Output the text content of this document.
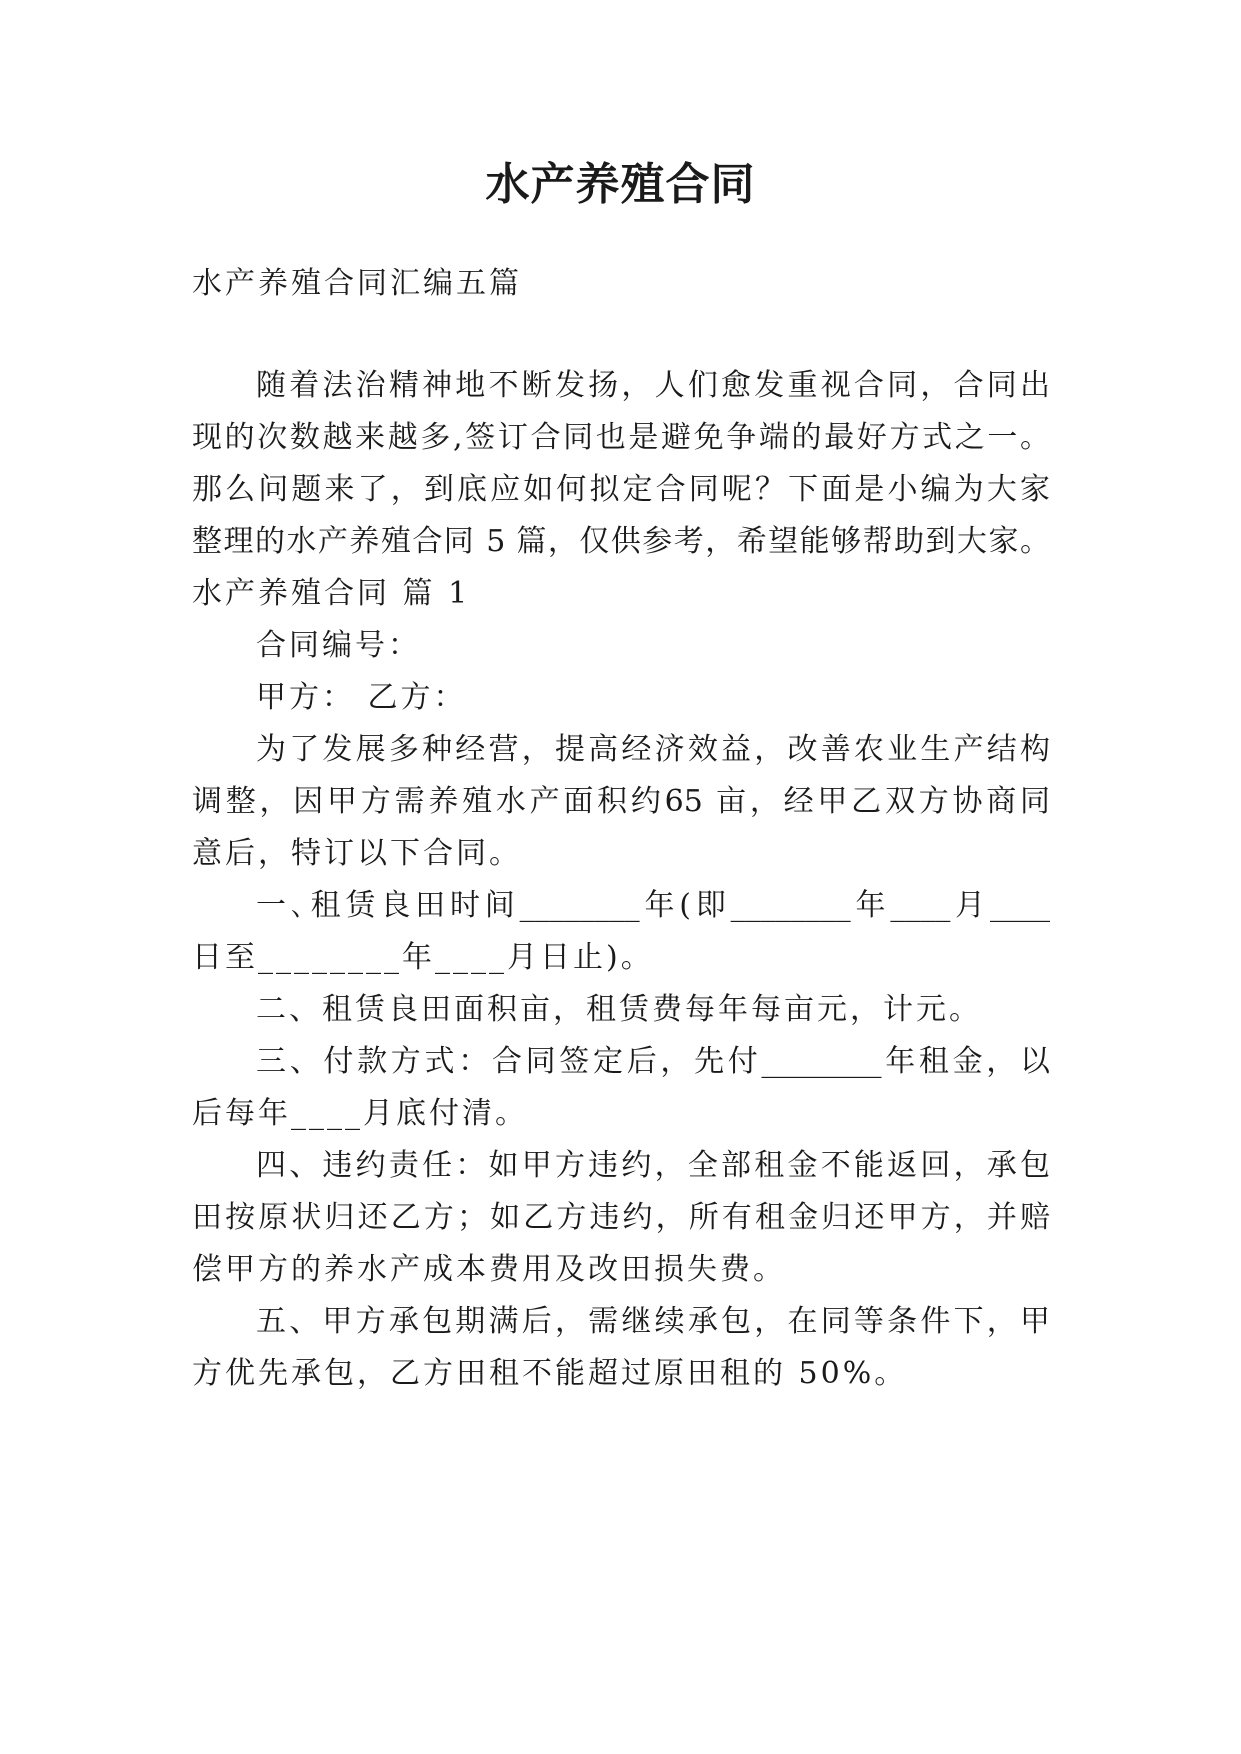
水产养殖合同
水产养殖合同汇编五篇
随着法治精神地不断发扬，人们愈发重视合同，合同出
现的次数越来越多,签订合同也是避免争端的最好方式之一。
那么问题来了，到底应如何拟定合同呢？下面是小编为大家
整理的水产养殖合同 5 篇，仅供参考，希望能够帮助到大家。
水产养殖合同 篇 1
合同编号：
甲方： 乙方：
为了发展多种经营，提高经济效益，改善农业生产结构
调整，因甲方需养殖水产面积约65 亩，经甲乙双方协商同
意后，特订以下合同。
一､租赁良田时间________年(即________年____月____
日至________年____月日止)。
二、租赁良田面积亩，租赁费每年每亩元，计元。
三、付款方式：合同签定后，先付________年租金，以
后每年____月底付清。
四、违约责任：如甲方违约，全部租金不能返回，承包
田按原状归还乙方；如乙方违约，所有租金归还甲方，并赔
偿甲方的养水产成本费用及改田损失费。
五、甲方承包期满后，需继续承包，在同等条件下，甲
方优先承包，乙方田租不能超过原田租的 50%。
